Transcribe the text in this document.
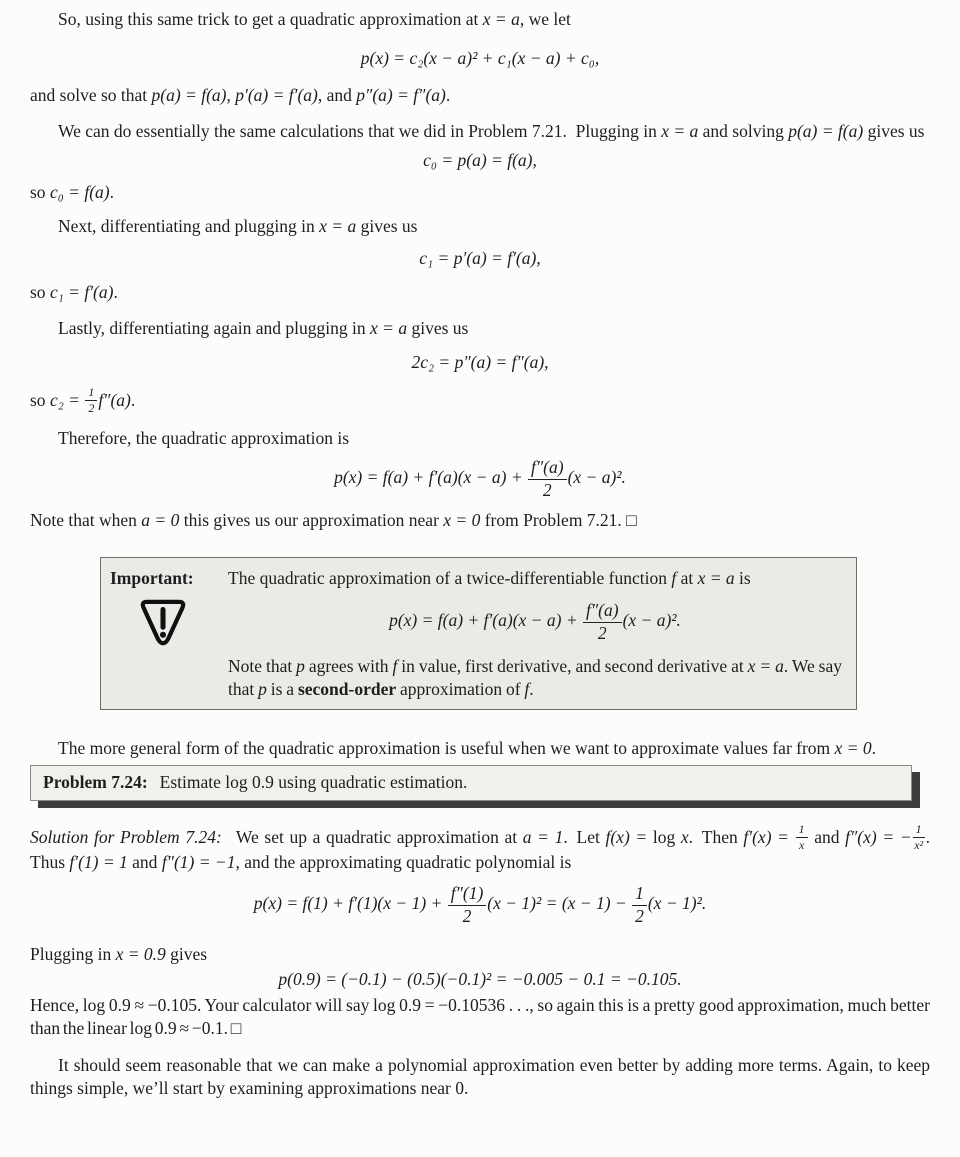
So, using this same trick to get a quadratic approximation at x = a, we let

p(x) = c₂(x − a)² + c₁(x − a) + c₀,

and solve so that p(a) = f(a), p′(a) = f′(a), and p″(a) = f″(a).

We can do essentially the same calculations that we did in Problem 7.21. Plugging in x = a and solving p(a) = f(a) gives us

c₀ = p(a) = f(a),

so c₀ = f(a).

Next, differentiating and plugging in x = a gives us

c₁ = p′(a) = f′(a),

so c₁ = f′(a).

Lastly, differentiating again and plugging in x = a gives us

2c₂ = p″(a) = f″(a),

so $c_2 = \frac{1}{2} f''(a)$.

Therefore, the quadratic approximation is

$p(x) = f(a) + f'(a)(x - a) + \frac{f''(a)}{2} (x - a)^2$.

Note that when a = 0 this gives us our approximation near x = 0 from Problem 7.21. □

Important:	The quadratic approximation of a twice-differentiable function f at x = a is

$p(x) = f(a) + f'(a)(x - a) + \frac{f''(a)}{2} (x - a)^2$.

Note that p agrees with f in value, first derivative, and second derivative at x = a. We say that p is a second-order approximation of f.

The more general form of the quadratic approximation is useful when we want to approximate values far from x = 0.

Problem 7.24: Estimate log 0.9 using quadratic estimation.

Solution for Problem 7.24:  We set up a quadratic approximation at a = 1. Let f(x) = log x. Then $f'(x) = \frac{1}{x}$ and f″(x) = − $\frac{1}{\text{x²}}$ . Thus f′(1) = 1 and f″(1) = −1, and the approximating quadratic polynomial is

$p(x) = f(1) + f'(1)(x - 1) + \frac{f''(1)}{2} (x - 1)^2 = (x - 1) - \frac{1}{2} (x - 1)^2$.

Plugging in x = 0.9 gives

p(0.9) = (−0.1) − (0.5)(−0.1)² = −0.005 − 0.1 = −0.105.

Hence, log 0.9 ≈ −0.105. Your calculator will say log 0.9 = −0.10536 . . ., so again this is a pretty good approximation, much better than the linear log 0.9 ≈ −0.1. □

It should seem reasonable that we can make a polynomial approximation even better by adding more terms. Again, to keep things simple, we’ll start by examining approximations near 0.
